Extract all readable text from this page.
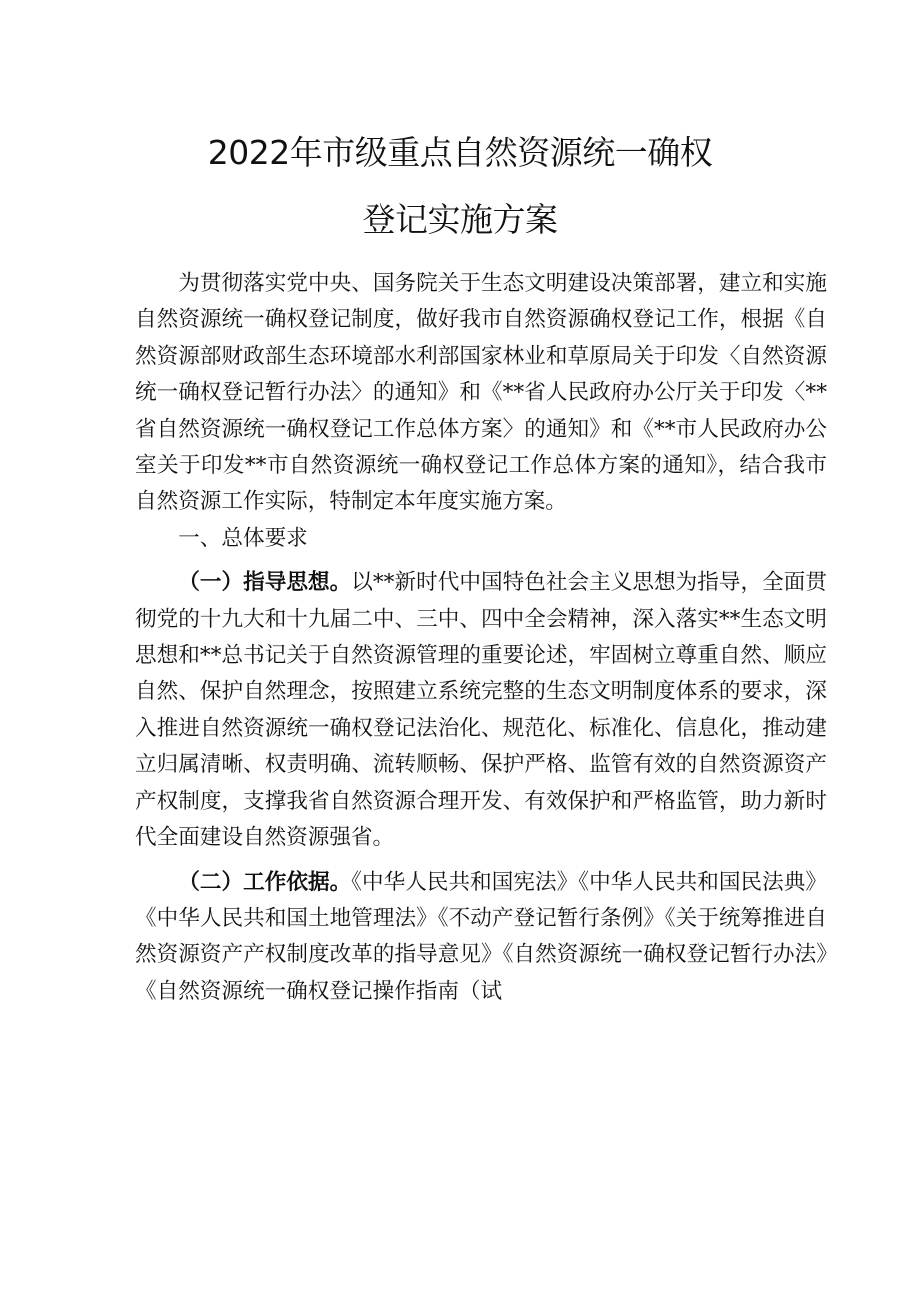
2022年市级重点自然资源统一确权
登记实施方案

为贯彻落实党中央、国务院关于生态文明建设决策部署，建立和实施自然资源统一确权登记制度，做好我市自然资源确权登记工作，根据《自然资源部财政部生态环境部水利部国家林业和草原局关于印发〈自然资源统一确权登记暂行办法〉的通知》和《**省人民政府办公厅关于印发〈**省自然资源统一确权登记工作总体方案〉的通知》和《**市人民政府办公室关于印发**市自然资源统一确权登记工作总体方案的通知》，结合我市自然资源工作实际，特制定本年度实施方案。

一、总体要求

（一）指导思想。以**新时代中国特色社会主义思想为指导，全面贯彻党的十九大和十九届二中、三中、四中全会精神，深入落实**生态文明思想和**总书记关于自然资源管理的重要论述，牢固树立尊重自然、顺应自然、保护自然理念，按照建立系统完整的生态文明制度体系的要求，深入推进自然资源统一确权登记法治化、规范化、标准化、信息化，推动建立归属清晰、权责明确、流转顺畅、保护严格、监管有效的自然资源资产产权制度，支撑我省自然资源合理开发、有效保护和严格监管，助力新时代全面建设自然资源强省。

（二）工作依据。《中华人民共和国宪法》《中华人民共和国民法典》《中华人民共和国土地管理法》《不动产登记暂行条例》《关于统筹推进自然资源资产产权制度改革的指导意见》《自然资源统一确权登记暂行办法》《自然资源统一确权登记操作指南（试
